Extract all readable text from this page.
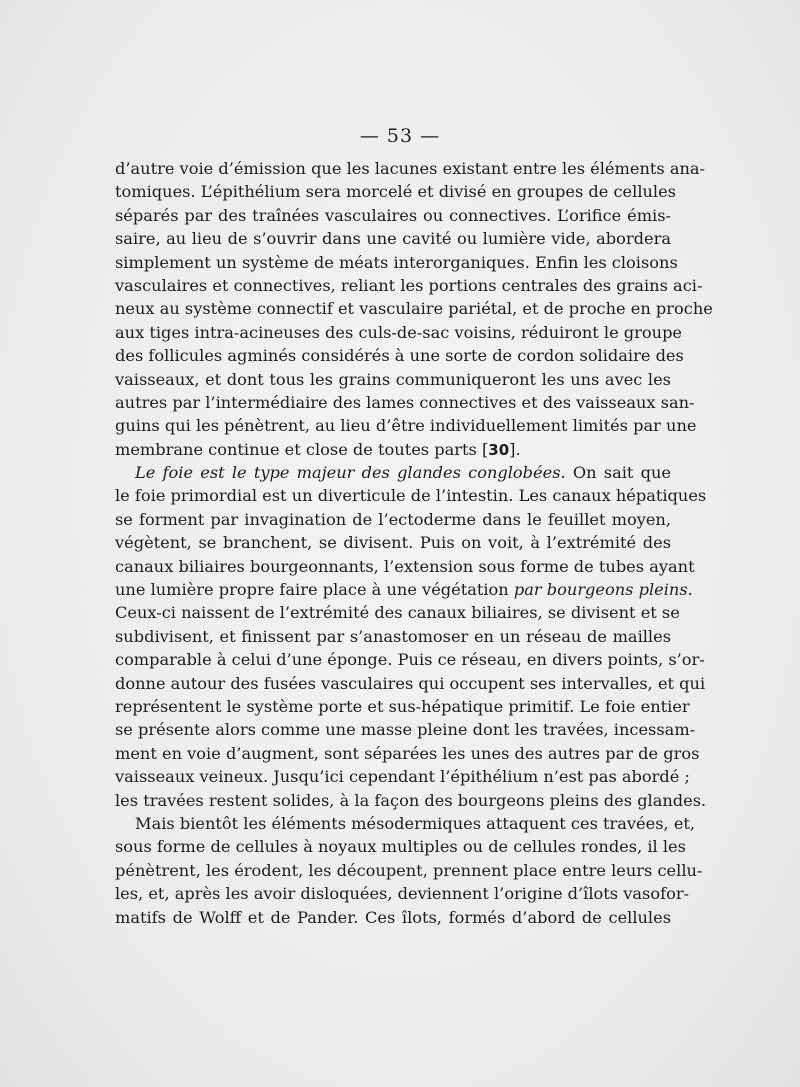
— 53 —
d’autre voie d’émission que les lacunes existant entre les éléments ana-
tomiques. L’épithélium sera morcelé et divisé en groupes de cellules
séparés par des traînées vasculaires ou connectives. L’orifice émis-
saire, au lieu de s’ouvrir dans une cavité ou lumière vide, abordera
simplement un système de méats interorganiques. Enfin les cloisons
vasculaires et connectives, reliant les portions centrales des grains aci-
neux au système connectif et vasculaire pariétal, et de proche en proche
aux tiges intra-acineuses des culs-de-sac voisins, réduiront le groupe
des follicules agminés considérés à une sorte de cordon solidaire des
vaisseaux, et dont tous les grains communiqueront les uns avec les
autres par l’intermédiaire des lames connectives et des vaisseaux san-
guins qui les pénètrent, au lieu d’être individuellement limités par une
membrane continue et close de toutes parts [30].
Le foie est le type majeur des glandes conglobées. On sait que
le foie primordial est un diverticule de l’intestin. Les canaux hépatiques
se forment par invagination de l’ectoderme dans le feuillet moyen,
végètent, se branchent, se divisent. Puis on voit, à l’extrémité des
canaux biliaires bourgeonnants, l’extension sous forme de tubes ayant
une lumière propre faire place à une végétation par bourgeons pleins.
Ceux-ci naissent de l’extrémité des canaux biliaires, se divisent et se
subdivisent, et finissent par s’anastomoser en un réseau de mailles
comparable à celui d’une éponge. Puis ce réseau, en divers points, s’or-
donne autour des fusées vasculaires qui occupent ses intervalles, et qui
représentent le système porte et sus-hépatique primitif. Le foie entier
se présente alors comme une masse pleine dont les travées, incessam-
ment en voie d’augment, sont séparées les unes des autres par de gros
vaisseaux veineux. Jusqu’ici cependant l’épithélium n’est pas abordé ;
les travées restent solides, à la façon des bourgeons pleins des glandes.
Mais bientôt les éléments mésodermiques attaquent ces travées, et,
sous forme de cellules à noyaux multiples ou de cellules rondes, il les
pénètrent, les érodent, les découpent, prennent place entre leurs cellu-
les, et, après les avoir disloquées, deviennent l’origine d’îlots vasofor-
matifs de Wolff et de Pander. Ces îlots, formés d’abord de cellules
